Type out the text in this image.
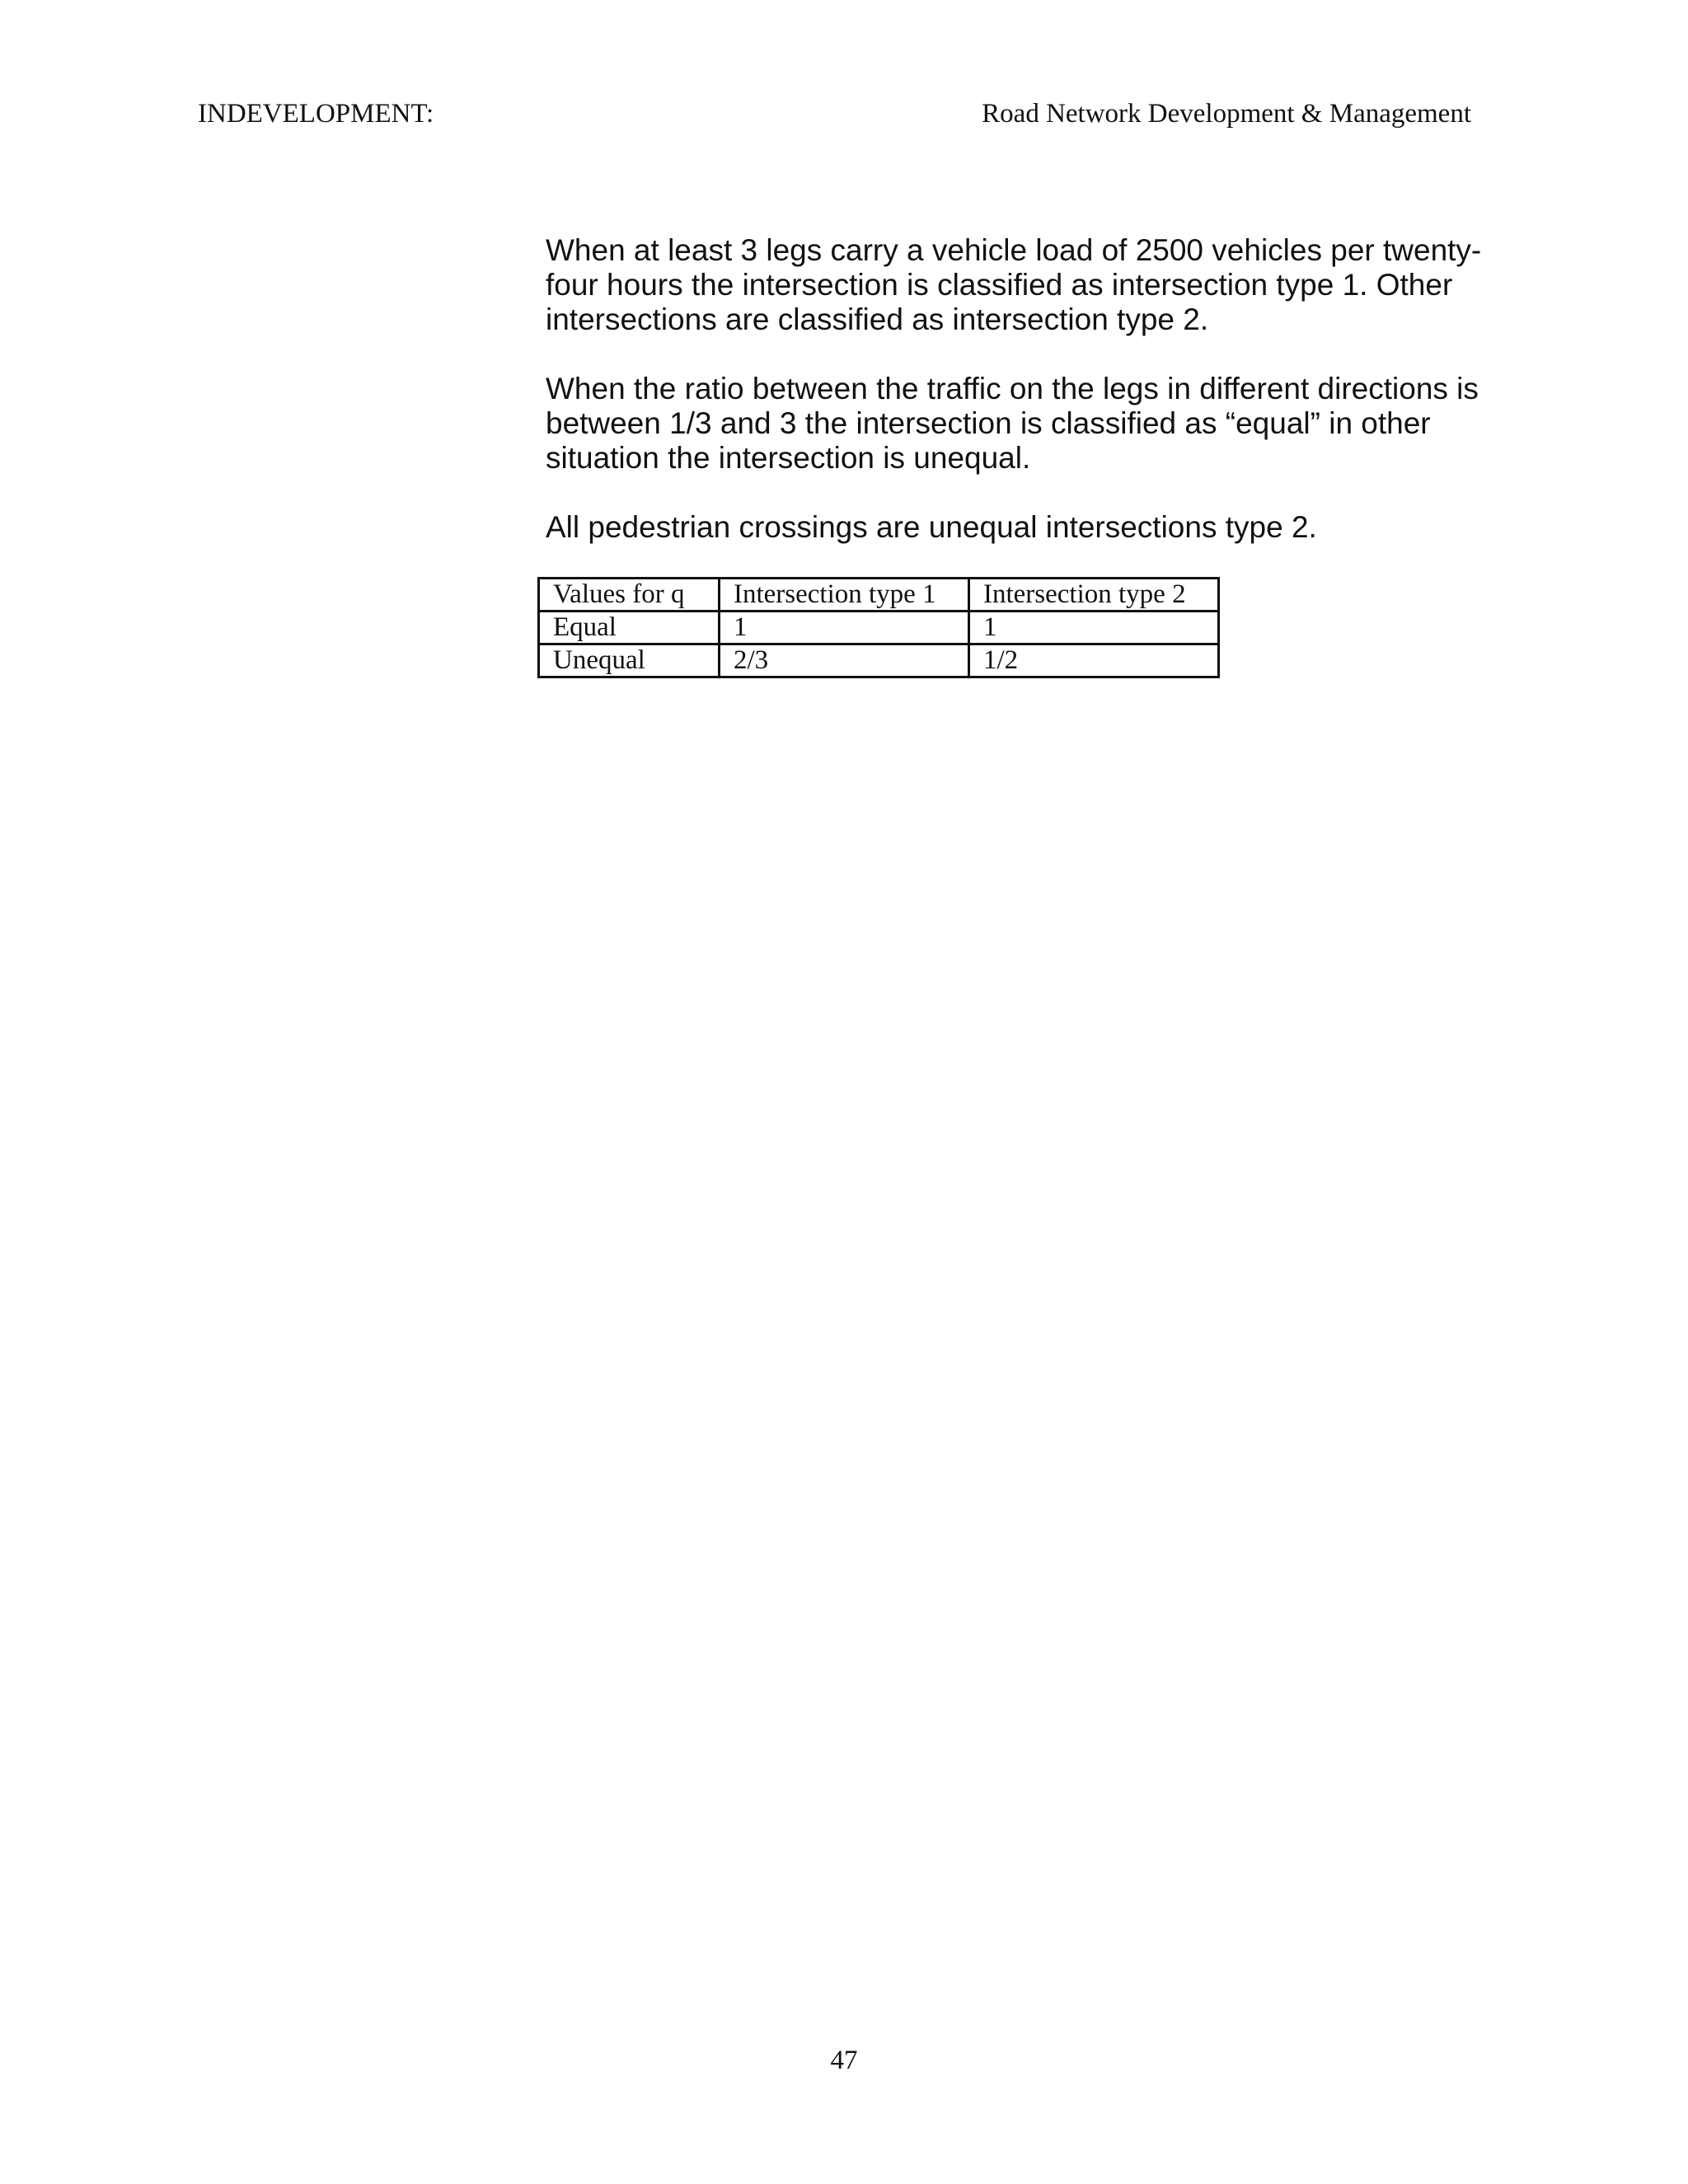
INDEVELOPMENT:	Road Network Development & Management

When at least 3 legs carry a vehicle load of 2500 vehicles per twenty-
four hours the intersection is classified as intersection type 1. Other
intersections are classified as intersection type 2.

When the ratio between the traffic on the legs in different directions is
between 1/3 and 3 the intersection is classified as “equal” in other
situation the intersection is unequal.

All pedestrian crossings are unequal intersections type 2.

Values for q	Intersection type 1	Intersection type 2
Equal	1	1
Unequal	2/3	1/2
47
